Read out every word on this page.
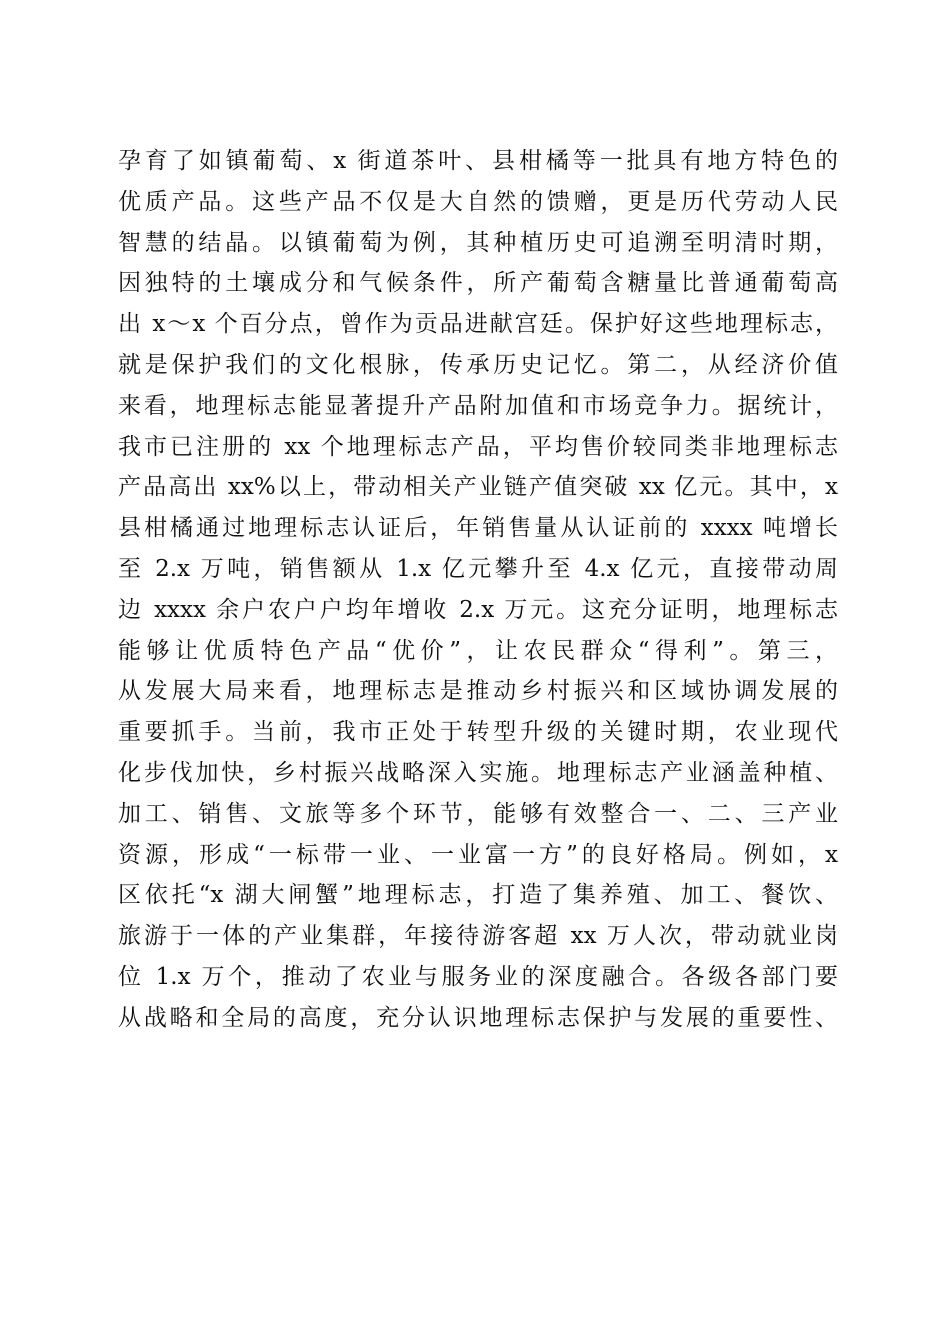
孕育了如镇葡萄、x 街道茶叶、县柑橘等一批具有地方特色的
优质产品。这些产品不仅是大自然的馈赠，更是历代劳动人民
智慧的结晶。以镇葡萄为例，其种植历史可追溯至明清时期，
因独特的土壤成分和气候条件，所产葡萄含糖量比普通葡萄高
出 x～x 个百分点，曾作为贡品进献宫廷。保护好这些地理标志，
就是保护我们的文化根脉，传承历史记忆。第二，从经济价值
来看，地理标志能显著提升产品附加值和市场竞争力。据统计，
我市已注册的 xx 个地理标志产品，平均售价较同类非地理标志
产品高出 xx%以上，带动相关产业链产值突破 xx 亿元。其中，x
县柑橘通过地理标志认证后，年销售量从认证前的 xxxx 吨增长
至 2.x 万吨，销售额从 1.x 亿元攀升至 4.x 亿元，直接带动周
边 xxxx 余户农户户均年增收 2.x 万元。这充分证明，地理标志
能够让优质特色产品“优价”，让农民群众“得利”。第三，
从发展大局来看，地理标志是推动乡村振兴和区域协调发展的
重要抓手。当前，我市正处于转型升级的关键时期，农业现代
化步伐加快，乡村振兴战略深入实施。地理标志产业涵盖种植、
加工、销售、文旅等多个环节，能够有效整合一、二、三产业
资源，形成“一标带一业、一业富一方”的良好格局。例如，x
区依托“x 湖大闸蟹”地理标志，打造了集养殖、加工、餐饮、
旅游于一体的产业集群，年接待游客超 xx 万人次，带动就业岗
位 1.x 万个，推动了农业与服务业的深度融合。各级各部门要
从战略和全局的高度，充分认识地理标志保护与发展的重要性、
